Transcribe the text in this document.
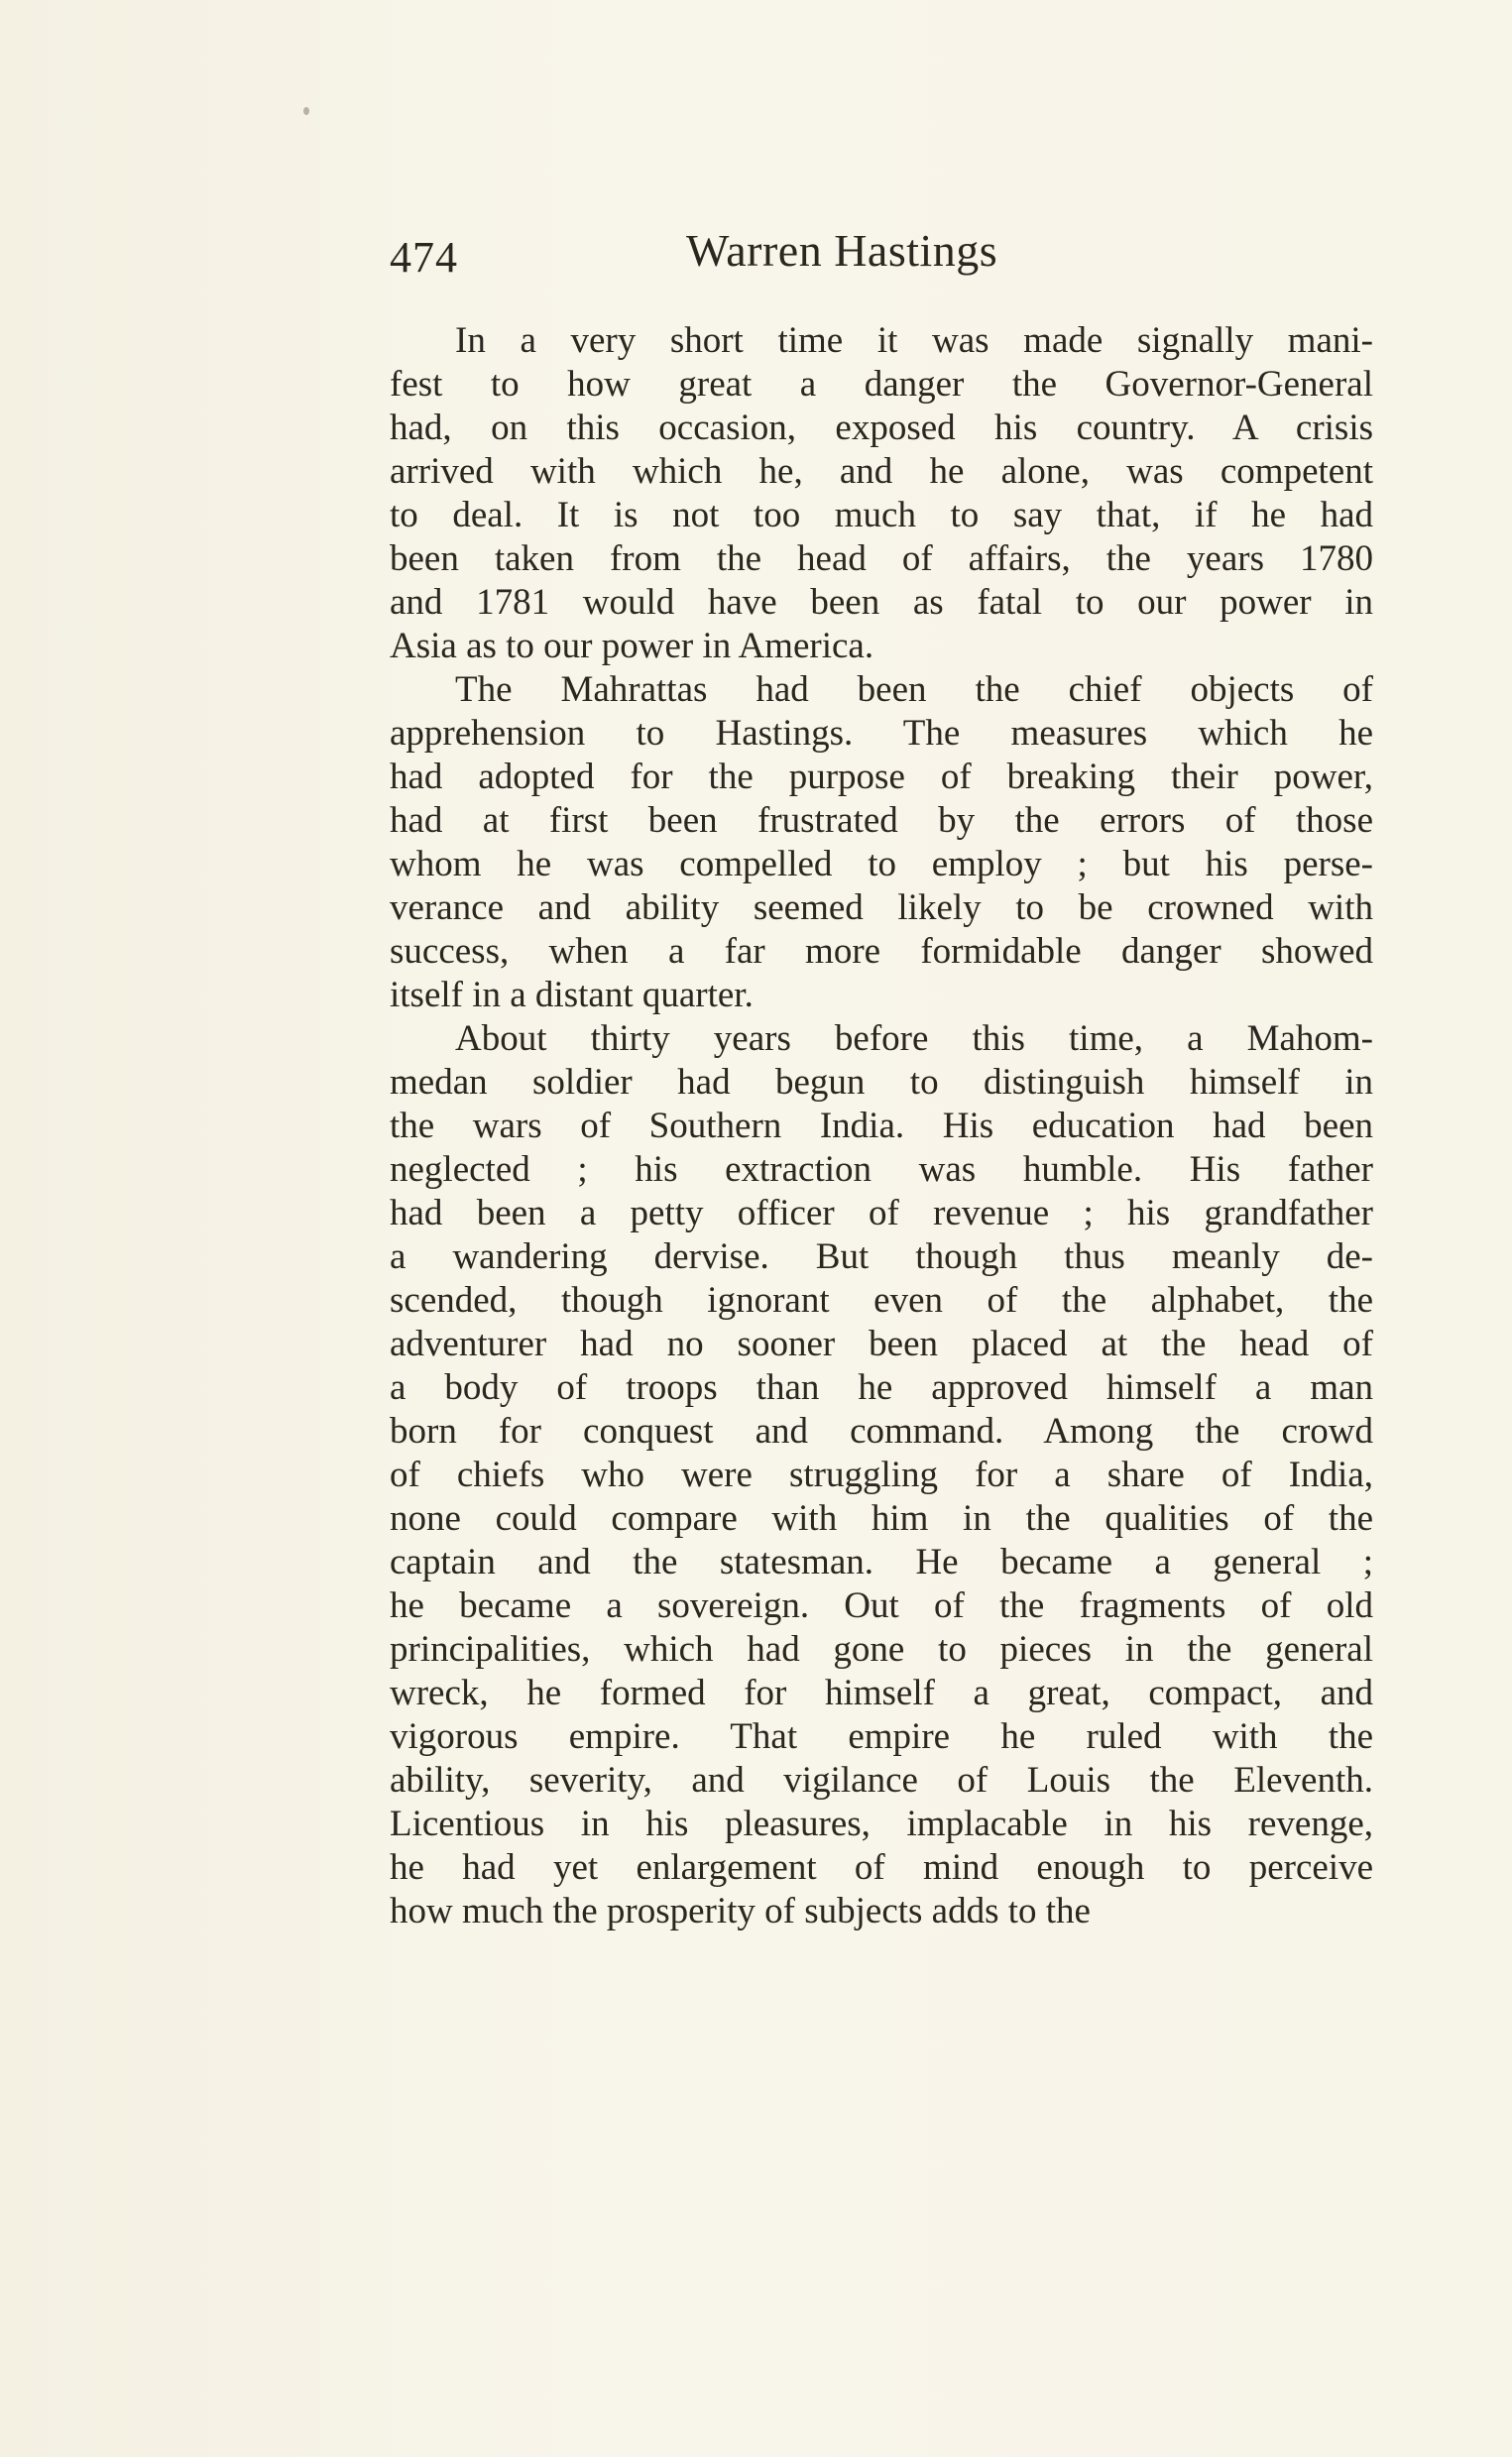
474	Warren Hastings
In a very short time it was made signally mani-
fest to how great a danger the Governor-General
had, on this occasion, exposed his country. A crisis
arrived with which he, and he alone, was competent
to deal. It is not too much to say that, if he had
been taken from the head of affairs, the years 1780
and 1781 would have been as fatal to our power in
Asia as to our power in America.
The Mahrattas had been the chief objects of
apprehension to Hastings. The measures which he
had adopted for the purpose of breaking their power,
had at first been frustrated by the errors of those
whom he was compelled to employ ; but his perse-
verance and ability seemed likely to be crowned with
success, when a far more formidable danger showed
itself in a distant quarter.
About thirty years before this time, a Mahom-
medan soldier had begun to distinguish himself in
the wars of Southern India. His education had been
neglected ; his extraction was humble. His father
had been a petty officer of revenue ; his grandfather
a wandering dervise. But though thus meanly de-
scended, though ignorant even of the alphabet, the
adventurer had no sooner been placed at the head of
a body of troops than he approved himself a man
born for conquest and command. Among the crowd
of chiefs who were struggling for a share of India,
none could compare with him in the qualities of the
captain and the statesman. He became a general ;
he became a sovereign. Out of the fragments of old
principalities, which had gone to pieces in the general
wreck, he formed for himself a great, compact, and
vigorous empire. That empire he ruled with the
ability, severity, and vigilance of Louis the Eleventh.
Licentious in his pleasures, implacable in his revenge,
he had yet enlargement of mind enough to perceive
how much the prosperity of subjects adds to the
